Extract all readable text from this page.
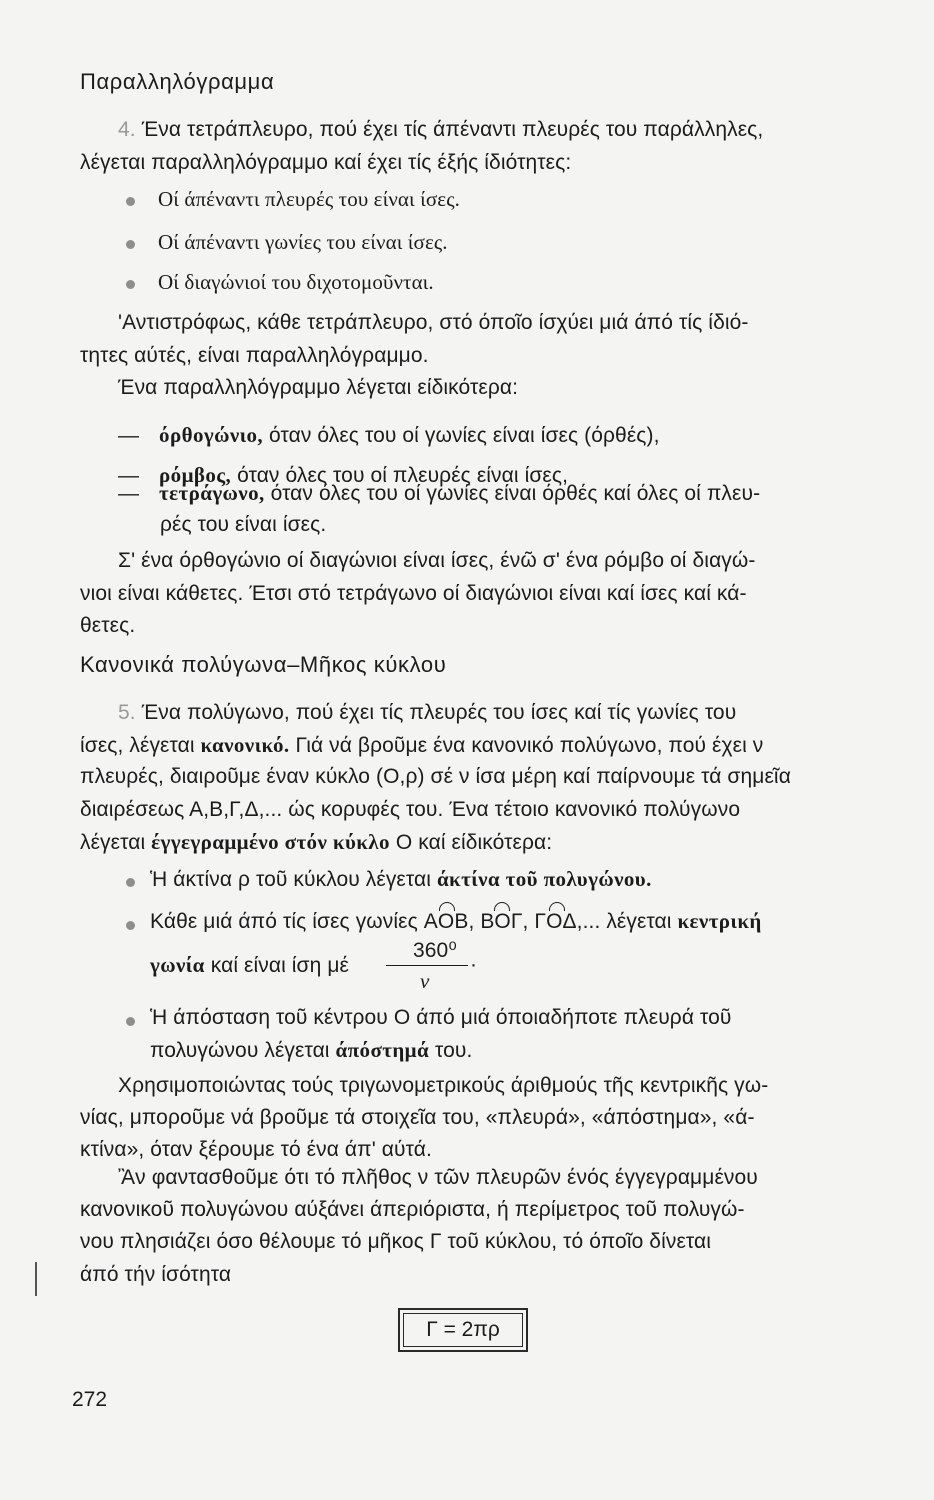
Παραλληλόγραμμα
4. Ένα τετράπλευρο, πού έχει τίς άπέναντι πλευρές του παράλληλες,
λέγεται παραλληλόγραμμο καί έχει τίς έξής ίδιότητες:
Οί άπέναντι πλευρές του είναι ίσες.
Οί άπέναντι γωνίες του είναι ίσες.
Οί διαγώνιοί του διχοτομοῦνται.
'Αντιστρόφως, κάθε τετράπλευρο, στό όποῖο ίσχύει μιά άπό τίς ίδιό-
τητες αύτές, είναι παραλληλόγραμμο.
Ένα παραλληλόγραμμο λέγεται είδικότερα:
— όρθογώνιο, όταν όλες του οί γωνίες είναι ίσες (όρθές),
— ρόμβος, όταν όλες του οί πλευρές είναι ίσες,
— τετράγωνο, όταν όλες του οί γωνίες είναι όρθές καί όλες οί πλευ-
ρές του είναι ίσες.
Σ' ένα όρθογώνιο οί διαγώνιοι είναι ίσες, ένῶ σ' ένα ρόμβο οί διαγώ-
νιοι είναι κάθετες. Έτσι στό τετράγωνο οί διαγώνιοι είναι καί ίσες καί κά-
θετες.
Κανονικά πολύγωνα–Μῆκος κύκλου
5. Ένα πολύγωνο, πού έχει τίς πλευρές του ίσες καί τίς γωνίες του
ίσες, λέγεται κανονικό. Γιά νά βροῦμε ένα κανονικό πολύγωνο, πού έχει ν
πλευρές, διαιροῦμε έναν κύκλο (Ο,ρ) σέ ν ίσα μέρη καί παίρνουμε τά σημεῖα
διαιρέσεως Α,Β,Γ,Δ,... ώς κορυφές του. Ένα τέτοιο κανονικό πολύγωνο
λέγεται έγγεγραμμένο στόν κύκλο Ο καί είδικότερα:
Ἡ άκτίνα ρ τοῦ κύκλου λέγεται άκτίνα τοῦ πολυγώνου.
Κάθε μιά άπό τίς ίσες γωνίες AOB, BOΓ, ΓOΔ,... λέγεται κεντρική
γωνία καί είναι ίση μέ
360⁰
ν
·
Ἡ άπόσταση τοῦ κέντρου Ο άπό μιά όποιαδήποτε πλευρά τοῦ
πολυγώνου λέγεται άπόστημά του.
Χρησιμοποιώντας τούς τριγωνομετρικούς άριθμούς τῆς κεντρικῆς γω-
νίας, μποροῦμε νά βροῦμε τά στοιχεῖα του, «πλευρά», «άπόστημα», «ά-
κτίνα», όταν ξέρουμε τό ένα άπ' αύτά.
Ἂν φαντασθοῦμε ότι τό πλῆθος ν τῶν πλευρῶν ένός έγγεγραμμένου
κανονικοῦ πολυγώνου αύξάνει άπεριόριστα, ή περίμετρος τοῦ πολυγώ-
νου πλησιάζει όσο θέλουμε τό μῆκος Γ τοῦ κύκλου, τό όποῖο δίνεται
άπό τήν ίσότητα
Γ = 2πρ
272
